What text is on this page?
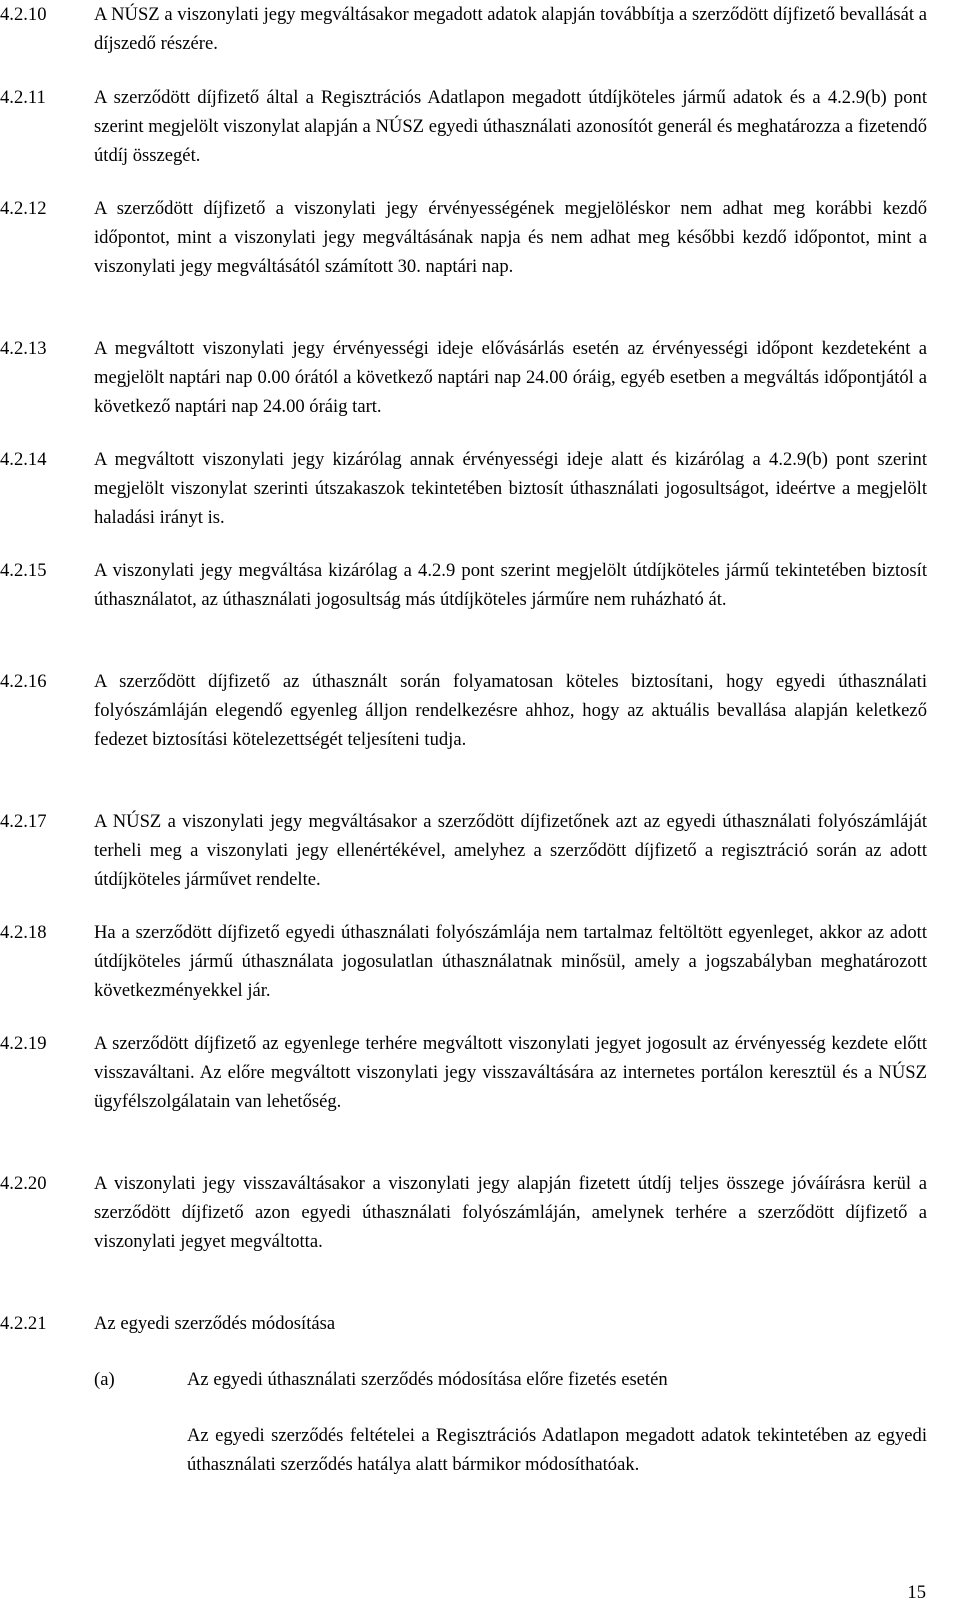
4.2.10	A NÚSZ a viszonylati jegy megváltásakor megadott adatok alapján továbbítja a szerződött díjfizető bevallását a díjszedő részére.
4.2.11	A szerződött díjfizető által a Regisztrációs Adatlapon megadott útdíjköteles jármű adatok és a 4.2.9(b) pont szerint megjelölt viszonylat alapján a NÚSZ egyedi úthasználati azonosítót generál és meghatározza a fizetendő útdíj összegét.
4.2.12	A szerződött díjfizető a viszonylati jegy érvényességének megjelöléskor nem adhat meg korábbi kezdő időpontot, mint a viszonylati jegy megváltásának napja és nem adhat meg későbbi kezdő időpontot, mint a viszonylati jegy megváltásától számított 30. naptári nap.
4.2.13	A megváltott viszonylati jegy érvényességi ideje elővásárlás esetén az érvényességi időpont kezdeteként a megjelölt naptári nap 0.00 órától a következő naptári nap 24.00 óráig, egyéb esetben a megváltás időpontjától a következő naptári nap 24.00 óráig tart.
4.2.14	A megváltott viszonylati jegy kizárólag annak érvényességi ideje alatt és kizárólag a 4.2.9(b) pont szerint megjelölt viszonylat szerinti útszakaszok tekintetében biztosít úthasználati jogosultságot, ideértve a megjelölt haladási irányt is.
4.2.15	A viszonylati jegy megváltása kizárólag a 4.2.9 pont szerint megjelölt útdíjköteles jármű tekintetében biztosít úthasználatot, az úthasználati jogosultság más útdíjköteles járműre nem ruházható át.
4.2.16	A szerződött díjfizető az úthasznált során folyamatosan köteles biztosítani, hogy egyedi úthasználati folyószámláján elegendő egyenleg álljon rendelkezésre ahhoz, hogy az aktuális bevallása alapján keletkező fedezet biztosítási kötelezettségét teljesíteni tudja.
4.2.17	A NÚSZ a viszonylati jegy megváltásakor a szerződött díjfizetőnek azt az egyedi úthasználati folyószámláját terheli meg a viszonylati jegy ellenértékével, amelyhez a szerződött díjfizető a regisztráció során az adott útdíjköteles járművet rendelte.
4.2.18	Ha a szerződött díjfizető egyedi úthasználati folyószámlája nem tartalmaz feltöltött egyenleget, akkor az adott útdíjköteles jármű úthasználata jogosulatlan úthasználatnak minősül, amely a jogszabályban meghatározott következményekkel jár.
4.2.19	A szerződött díjfizető az egyenlege terhére megváltott viszonylati jegyet jogosult az érvényesség kezdete előtt visszaváltani. Az előre megváltott viszonylati jegy visszaváltására az internetes portálon keresztül és a NÚSZ ügyfélszolgálatain van lehetőség.
4.2.20	A viszonylati jegy visszaváltásakor a viszonylati jegy alapján fizetett útdíj teljes összege jóváírásra kerül a szerződött díjfizető azon egyedi úthasználati folyószámláján, amelynek terhére a szerződött díjfizető a viszonylati jegyet megváltotta.
4.2.21	Az egyedi szerződés módosítása
(a)	Az egyedi úthasználati szerződés módosítása előre fizetés esetén
Az egyedi szerződés feltételei a Regisztrációs Adatlapon megadott adatok tekintetében az egyedi úthasználati szerződés hatálya alatt bármikor módosíthatóak.
15
